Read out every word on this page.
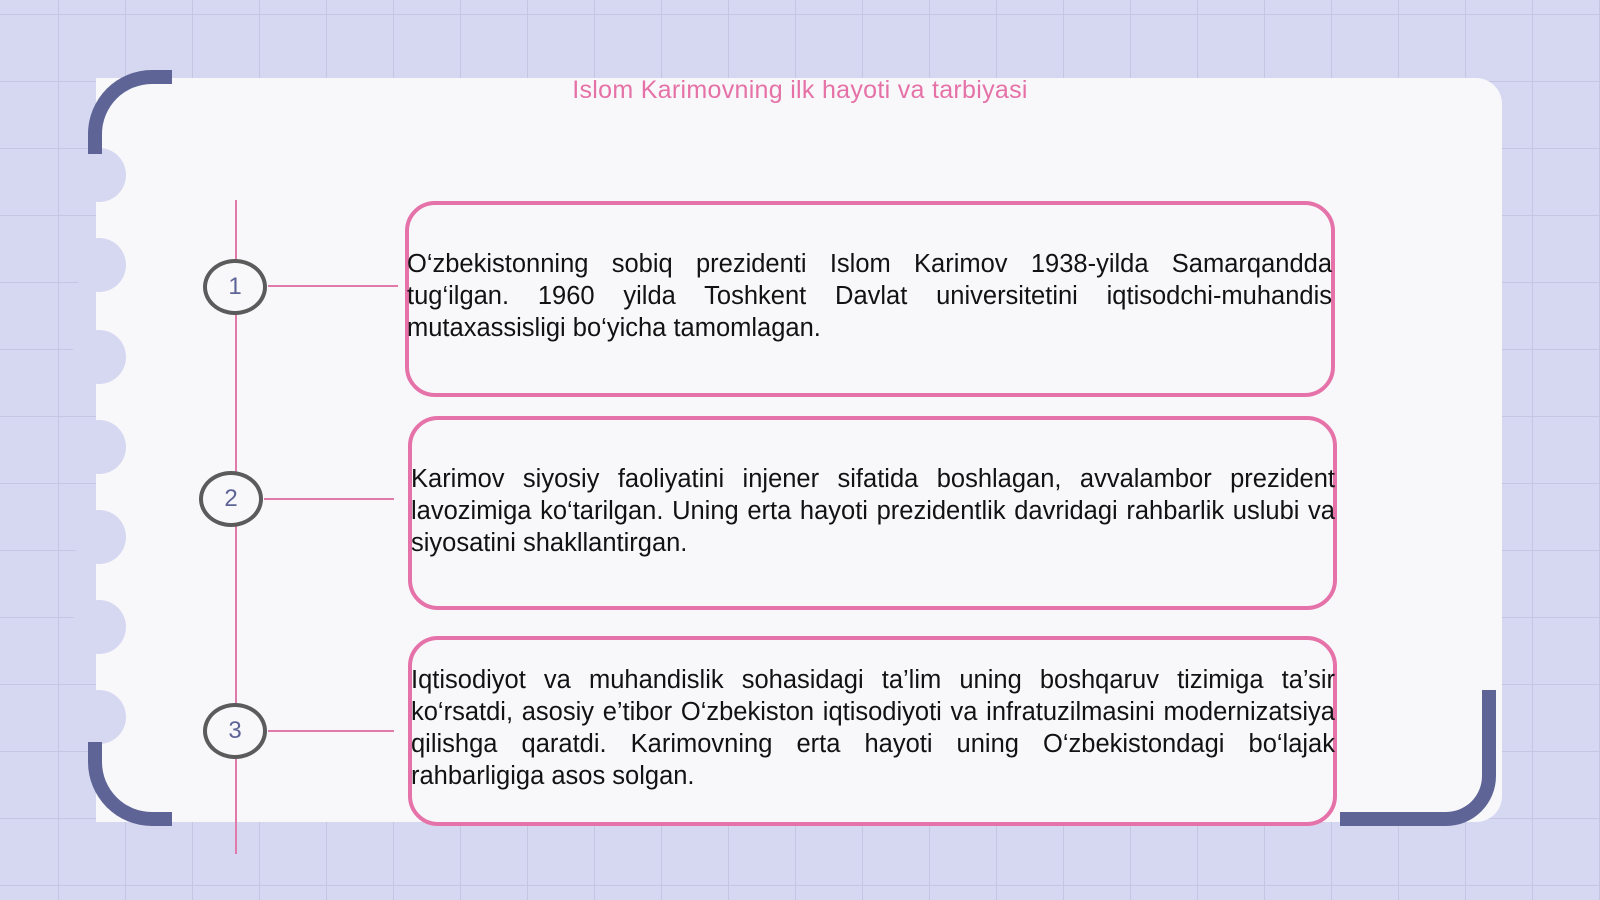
Islom Karimovning ilk hayoti va tarbiyasi
1
O‘zbekistonning sobiq prezidenti Islom Karimov 1938-yilda Samarqandda tug‘ilgan. 1960 yilda Toshkent Davlat universitetini iqtisodchi-muhandis mutaxassisligi bo‘yicha tamomlagan.
2
Karimov siyosiy faoliyatini injener sifatida boshlagan, avvalambor prezident lavozimiga ko‘tarilgan. Uning erta hayoti prezidentlik davridagi rahbarlik uslubi va siyosatini shakllantirgan.
3
Iqtisodiyot va muhandislik sohasidagi ta’lim uning boshqaruv tizimiga ta’sir ko‘rsatdi, asosiy e’tibor O‘zbekiston iqtisodiyoti va infratuzilmasini modernizatsiya qilishga qaratdi. Karimovning erta hayoti uning O‘zbekistondagi bo‘lajak rahbarligiga asos solgan.
